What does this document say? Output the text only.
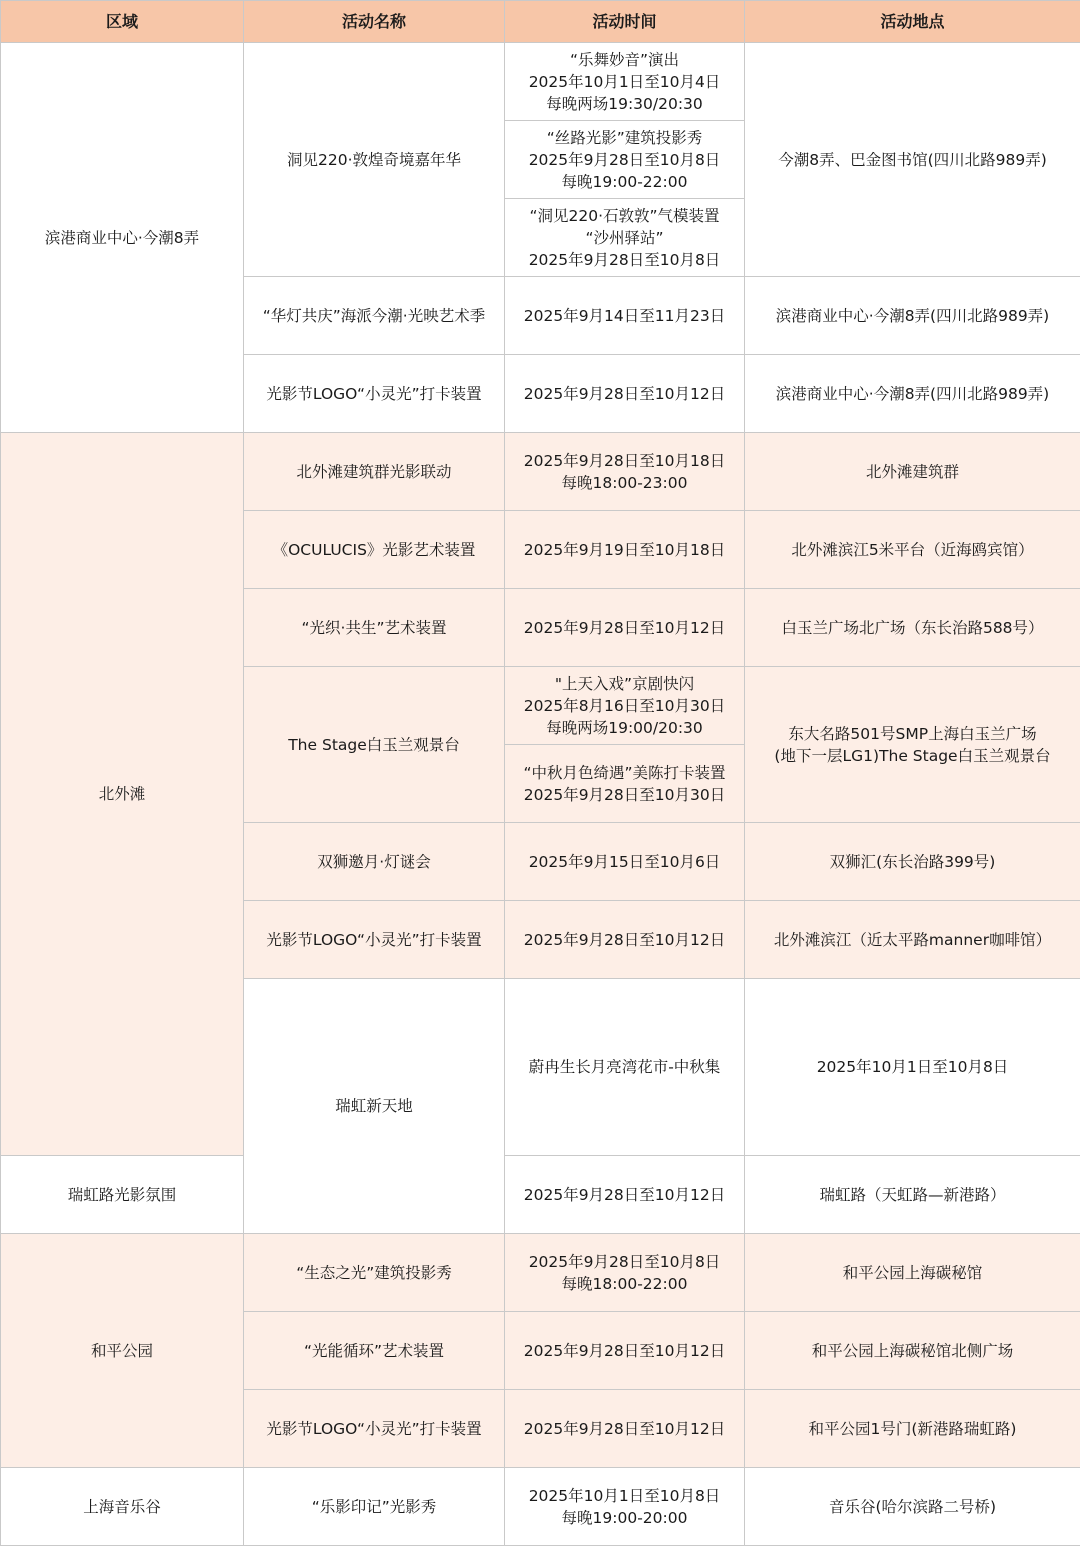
区域	活动名称	活动时间	活动地点	

滨港商业中心·今潮8弄	洞见220·敦煌奇境嘉年华	“乐舞妙音”演出
2025年10月1日至10月4日
每晚两场19:30/20:30	今潮8弄、巴金图书馆(四川北路989弄)	

		“丝路光影”建筑投影秀
2025年9月28日至10月8日
每晚19:00-22:00		

		“洞见220·石敦敦”气模装置
“沙州驿站”
2025年9月28日至10月8日		

	“华灯共庆”海派今潮·光映艺术季	2025年9月14日至11月23日	滨港商业中心·今潮8弄(四川北路989弄)	

	光影节LOGO“小灵光”打卡装置	2025年9月28日至10月12日	滨港商业中心·今潮8弄(四川北路989弄)	

北外滩	北外滩建筑群光影联动	2025年9月28日至10月18日
每晚18:00-23:00	北外滩建筑群	

	《OCULUCIS》光影艺术装置	2025年9月19日至10月18日	北外滩滨江5米平台（近海鸥宾馆）	

	“光织·共生”艺术装置	2025年9月28日至10月12日	白玉兰广场北广场（东长治路588号）	

	The Stage白玉兰观景台	"上天入戏”京剧快闪
2025年8月16日至10月30日
每晚两场19:00/20:30	东大名路501号SMP上海白玉兰广场
(地下一层LG1)The Stage白玉兰观景台	

		“中秋月色绮遇”美陈打卡装置
2025年9月28日至10月30日		

	双狮邀月·灯谜会	2025年9月15日至10月6日	双狮汇(东长治路399号)	

	光影节LOGO“小灵光”打卡装置	2025年9月28日至10月12日	北外滩滨江（近太平路manner咖啡馆）	

	瑞虹新天地	蔚冉生长月亮湾花市-中秋集	2025年10月1日至10月8日

瑞虹路光影氛围		2025年9月28日至10月12日	瑞虹路（天虹路—新港路）	

和平公园	“生态之光”建筑投影秀	2025年9月28日至10月8日
每晚18:00-22:00	和平公园上海碳秘馆	

	“光能循环”艺术装置	2025年9月28日至10月12日	和平公园上海碳秘馆北侧广场	

	光影节LOGO“小灵光”打卡装置	2025年9月28日至10月12日	和平公园1号门(新港路瑞虹路)	

上海音乐谷	“乐影印记”光影秀	2025年10月1日至10月8日
每晚19:00-20:00	音乐谷(哈尔滨路二号桥)	
